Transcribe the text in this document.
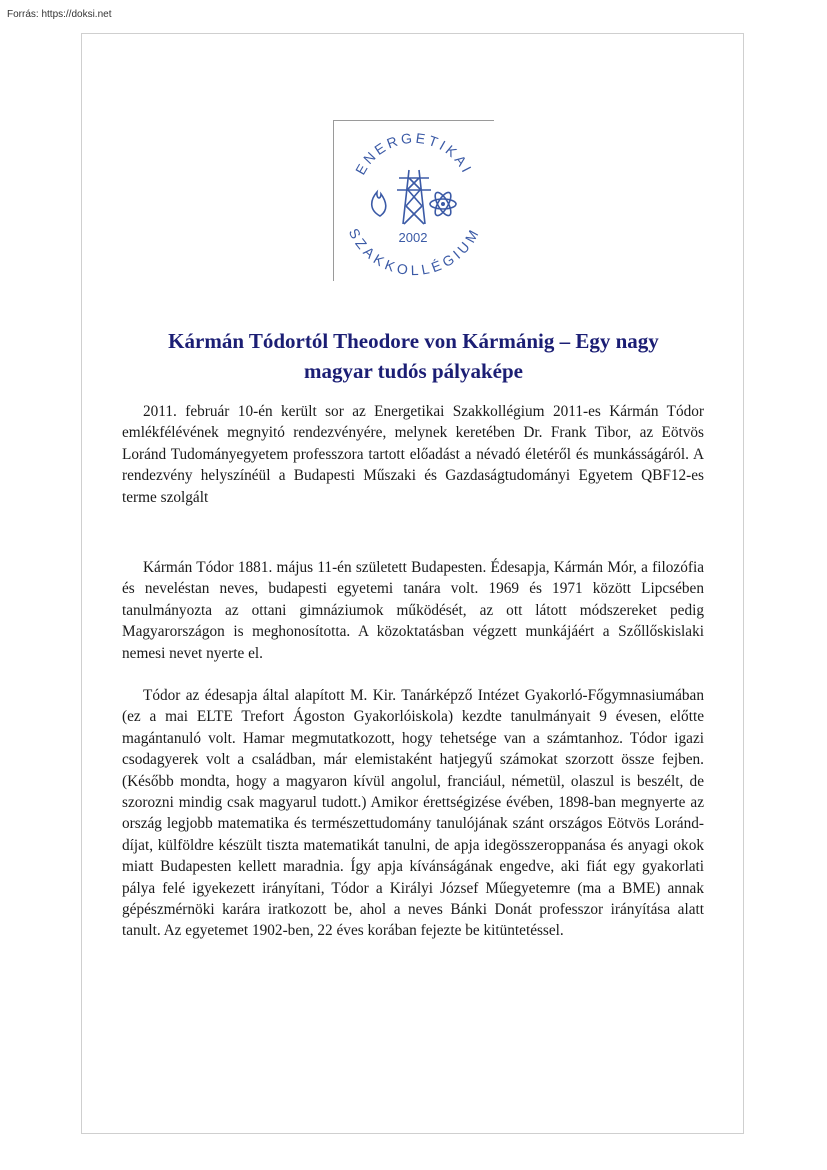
Forrás: https://doksi.net
ENERGETIKAI
SZAKKOLLÉGIUM
2002
Kármán Tódortól Theodore von Kármánig – Egy nagy
magyar tudós pályaképe

2011. február 10-én került sor az Energetikai Szakkollégium 2011-es Kármán Tódor emlékfélévének megnyitó rendezvényére, melynek keretében Dr. Frank Tibor, az Eötvös Loránd Tudományegyetem professzora tartott előadást a névadó életéről és munkásságáról. A rendezvény helyszínéül a Budapesti Műszaki és Gazdaságtudományi Egyetem QBF12-es terme szolgált

Kármán Tódor 1881. május 11-én született Budapesten. Édesapja, Kármán Mór, a filozófia és neveléstan neves, budapesti egyetemi tanára volt. 1969 és 1971 között Lipcsében tanulmányozta az ottani gimnáziumok működését, az ott látott módszereket pedig Magyarországon is meghonosította. A közoktatásban végzett munkájáért a Szőllőskislaki nemesi nevet nyerte el.

Tódor az édesapja által alapított M. Kir. Tanárképző Intézet Gyakorló-Főgymnasiumában (ez a mai ELTE Trefort Ágoston Gyakorlóiskola) kezdte tanulmányait 9 évesen, előtte magántanuló volt. Hamar megmutatkozott, hogy tehetsége van a számtanhoz. Tódor igazi csodagyerek volt a családban, már elemistaként hatjegyű számokat szorzott össze fejben. (Később mondta, hogy a magyaron kívül angolul, franciául, németül, olaszul is beszélt, de szorozni mindig csak magyarul tudott.) Amikor érettségizése évében, 1898-ban megnyerte az ország legjobb matematika és természettudomány tanulójának szánt országos Eötvös Loránd-díjat, külföldre készült tiszta matematikát tanulni, de apja idegösszeroppanása és anyagi okok miatt Budapesten kellett maradnia. Így apja kívánságának engedve, aki fiát egy gyakorlati pálya felé igyekezett irányítani, Tódor a Királyi József Műegyetemre (ma a BME) annak gépészmérnöki karára iratkozott be, ahol a neves Bánki Donát professzor irányítása alatt tanult. Az egyetemet 1902-ben, 22 éves korában fejezte be kitüntetéssel.
